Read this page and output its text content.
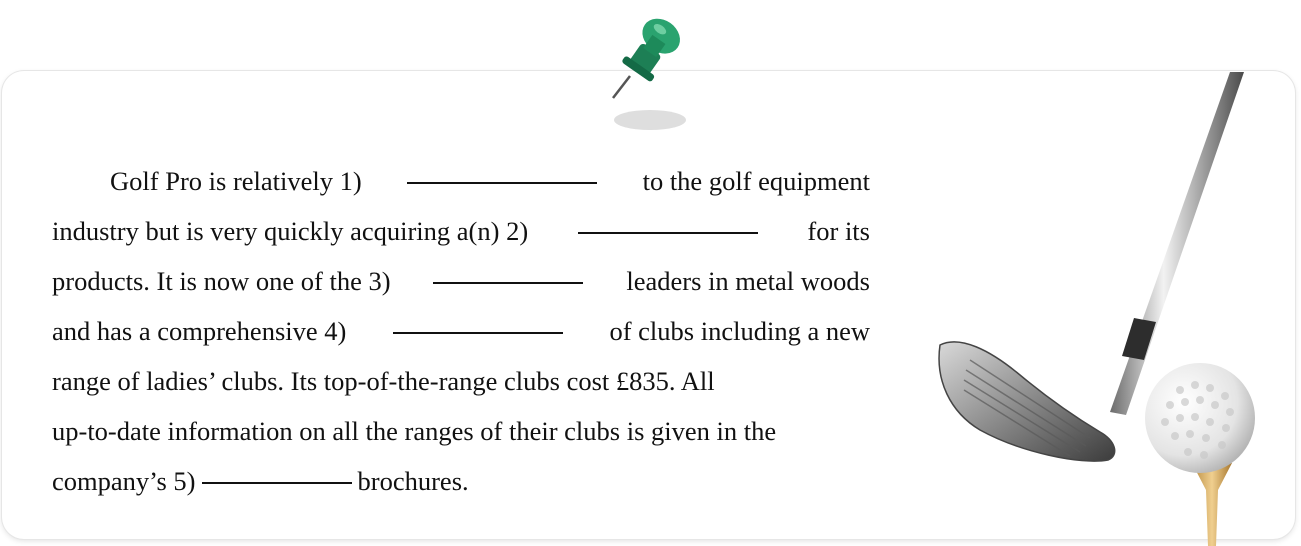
Golf Pro is relatively 1)	to the golf equipment
industry but is very quickly acquiring a(n) 2)	for its
products. It is now one of the 3)	leaders in metal woods
and has a comprehensive 4)	of clubs including a new
range of ladies’ clubs. Its top-of-the-range clubs cost £835. All
up-to-date information on all the ranges of their clubs is given in the
company’s 5)	brochures.
